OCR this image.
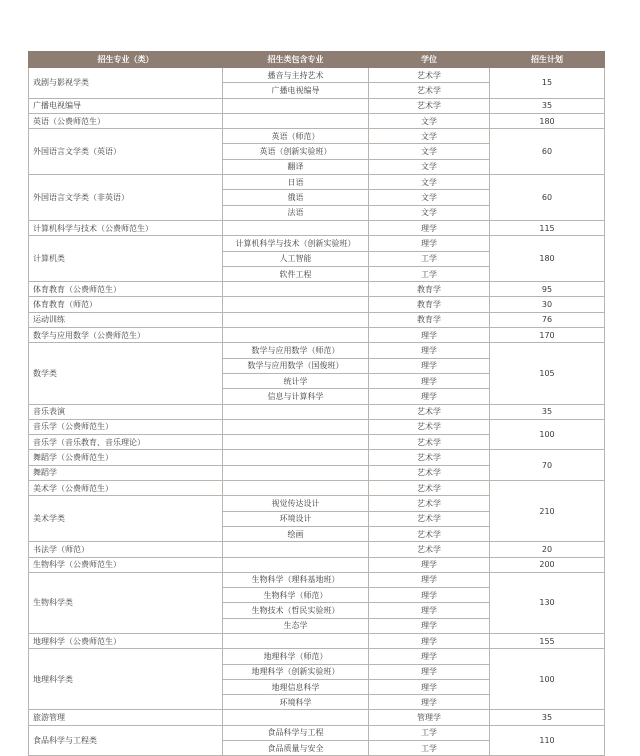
招生专业（类）	招生类包含专业	学位	招生计划
戏剧与影视学类	播音与主持艺术	艺术学	15
	广播电视编导	艺术学	
广播电视编导		艺术学	35
英语（公费师范生）		文学	180
外国语言文学类（英语）	英语（师范）	文学	60
	英语（创新实验班）	文学	
	翻译	文学	
外国语言文学类（非英语）	日语	文学	60
	俄语	文学	
	法语	文学	
计算机科学与技术（公费师范生）		理学	115
计算机类	计算机科学与技术（创新实验班）	理学	180
	人工智能	工学	
	软件工程	工学	
体育教育（公费师范生）		教育学	95
体育教育（师范）		教育学	30
运动训练		教育学	76
数学与应用数学（公费师范生）		理学	170
数学类	数学与应用数学（师范）	理学	105
	数学与应用数学（国俊班）	理学	
	统计学	理学	
	信息与计算科学	理学	
音乐表演		艺术学	35
音乐学（公费师范生）		艺术学	100
音乐学（音乐教育、音乐理论）		艺术学	
舞蹈学（公费师范生）		艺术学	70
舞蹈学		艺术学	
美术学（公费师范生）		艺术学	210
美术学类	视觉传达设计	艺术学	
	环境设计	艺术学	
	绘画	艺术学	
书法学（师范）		艺术学	20
生物科学（公费师范生）		理学	200
生物科学类	生物科学（理科基地班）	理学	130
	生物科学（师范）	理学	
	生物技术（哲民实验班）	理学	
	生态学	理学	
地理科学（公费师范生）		理学	155
地理科学类	地理科学（师范）	理学	100
	地理科学（创新实验班）	理学	
	地理信息科学	理学	
	环境科学	理学	
旅游管理		管理学	35
食品科学与工程类	食品科学与工程	工学	110
	食品质量与安全	工学	
